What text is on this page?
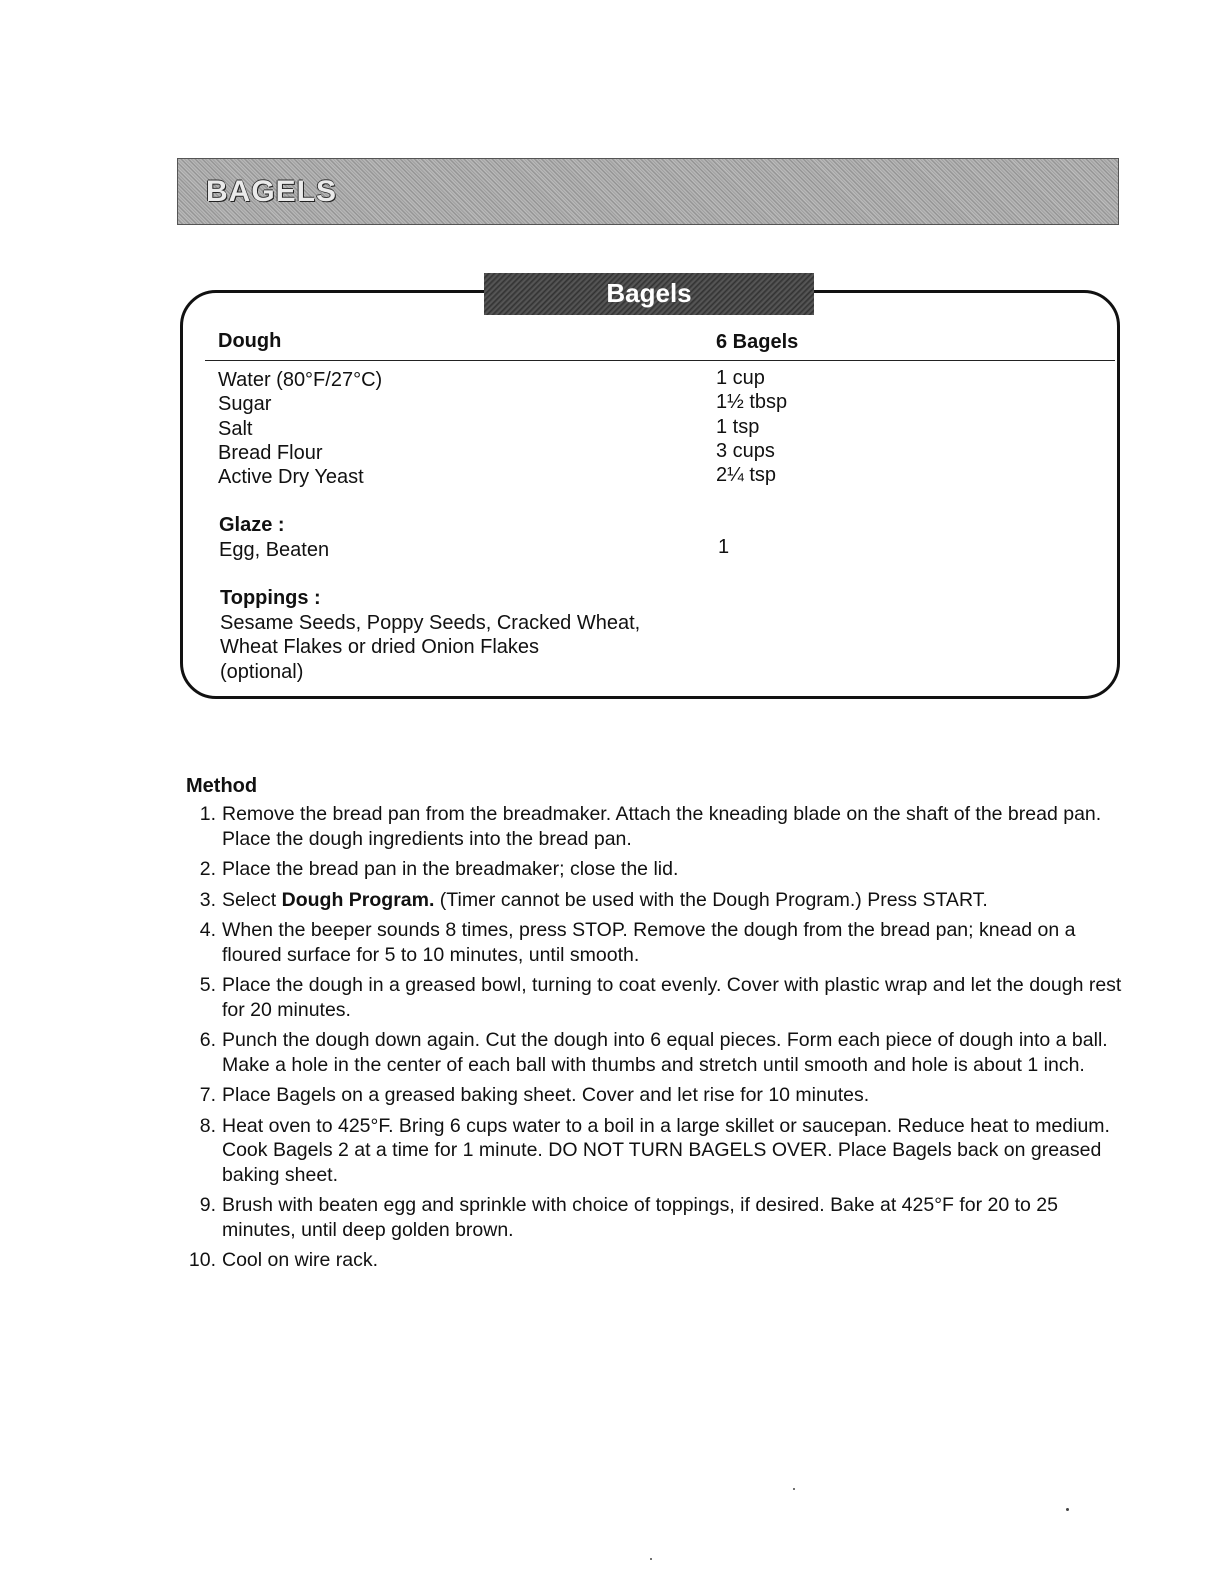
BAGELS
Bagels
Dough	6 Bagels
Water (80°F/27°C)
Sugar
Salt
Bread Flour
Active Dry Yeast
1 cup
1½ tbsp
1 tsp
3 cups
2¼ tsp
Glaze :
Egg, Beaten	1
Toppings :
Sesame Seeds, Poppy Seeds, Cracked Wheat,
Wheat Flakes or dried Onion Flakes
(optional)
Method
1. Remove the bread pan from the breadmaker. Attach the kneading blade on the shaft of the bread pan. Place the dough ingredients into the bread pan.
2. Place the bread pan in the breadmaker; close the lid.
3. Select Dough Program. (Timer cannot be used with the Dough Program.) Press START.
4. When the beeper sounds 8 times, press STOP. Remove the dough from the bread pan; knead on a floured surface for 5 to 10 minutes, until smooth.
5. Place the dough in a greased bowl, turning to coat evenly. Cover with plastic wrap and let the dough rest for 20 minutes.
6. Punch the dough down again. Cut the dough into 6 equal pieces. Form each piece of dough into a ball. Make a hole in the center of each ball with thumbs and stretch until smooth and hole is about 1 inch.
7. Place Bagels on a greased baking sheet. Cover and let rise for 10 minutes.
8. Heat oven to 425°F. Bring 6 cups water to a boil in a large skillet or saucepan. Reduce heat to medium. Cook Bagels 2 at a time for 1 minute. DO NOT TURN BAGELS OVER. Place Bagels back on greased baking sheet.
9. Brush with beaten egg and sprinkle with choice of toppings, if desired. Bake at 425°F for 20 to 25 minutes, until deep golden brown.
10. Cool on wire rack.
